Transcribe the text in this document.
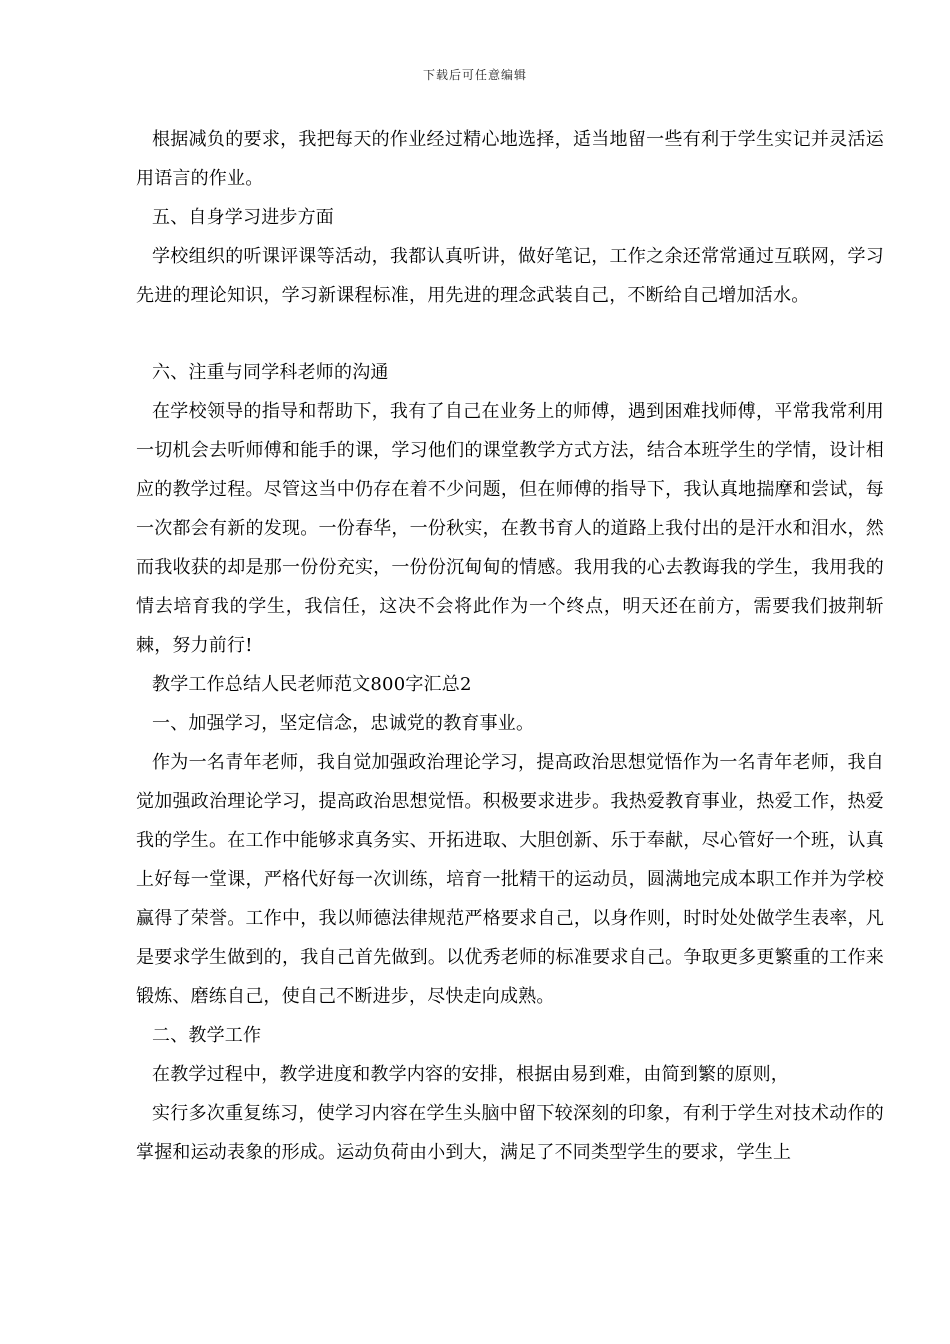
下载后可任意编辑

根据减负的要求，我把每天的作业经过精心地选择，适当地留一些有利于学生实记并灵活运用语言的作业。

五、自身学习进步方面

学校组织的听课评课等活动，我都认真听讲，做好笔记，工作之余还常常通过互联网，学习先进的理论知识，学习新课程标准，用先进的理念武装自己，不断给自己增加活水。

六、注重与同学科老师的沟通

在学校领导的指导和帮助下，我有了自己在业务上的师傅，遇到困难找师傅，平常我常利用一切机会去听师傅和能手的课，学习他们的课堂教学方式方法，结合本班学生的学情，设计相应的教学过程。尽管这当中仍存在着不少问题，但在师傅的指导下，我认真地揣摩和尝试，每一次都会有新的发现。一份春华，一份秋实，在教书育人的道路上我付出的是汗水和泪水，然而我收获的却是那一份份充实，一份份沉甸甸的情感。我用我的心去教诲我的学生，我用我的情去培育我的学生，我信任，这决不会将此作为一个终点，明天还在前方，需要我们披荆斩棘，努力前行!

教学工作总结人民老师范文800字汇总2

一、加强学习，坚定信念，忠诚党的教育事业。

作为一名青年老师，我自觉加强政治理论学习，提高政治思想觉悟作为一名青年老师，我自觉加强政治理论学习，提高政治思想觉悟。积极要求进步。我热爱教育事业，热爱工作，热爱我的学生。在工作中能够求真务实、开拓进取、大胆创新、乐于奉献，尽心管好一个班，认真上好每一堂课，严格代好每一次训练，培育一批精干的运动员，圆满地完成本职工作并为学校赢得了荣誉。工作中，我以师德法律规范严格要求自己，以身作则，时时处处做学生表率，凡是要求学生做到的，我自己首先做到。以优秀老师的标准要求自己。争取更多更繁重的工作来锻炼、磨练自己，使自己不断进步，尽快走向成熟。

二、教学工作

在教学过程中，教学进度和教学内容的安排，根据由易到难，由简到繁的原则，

实行多次重复练习，使学习内容在学生头脑中留下较深刻的印象，有利于学生对技术动作的掌握和运动表象的形成。运动负荷由小到大，满足了不同类型学生的要求，学生上
